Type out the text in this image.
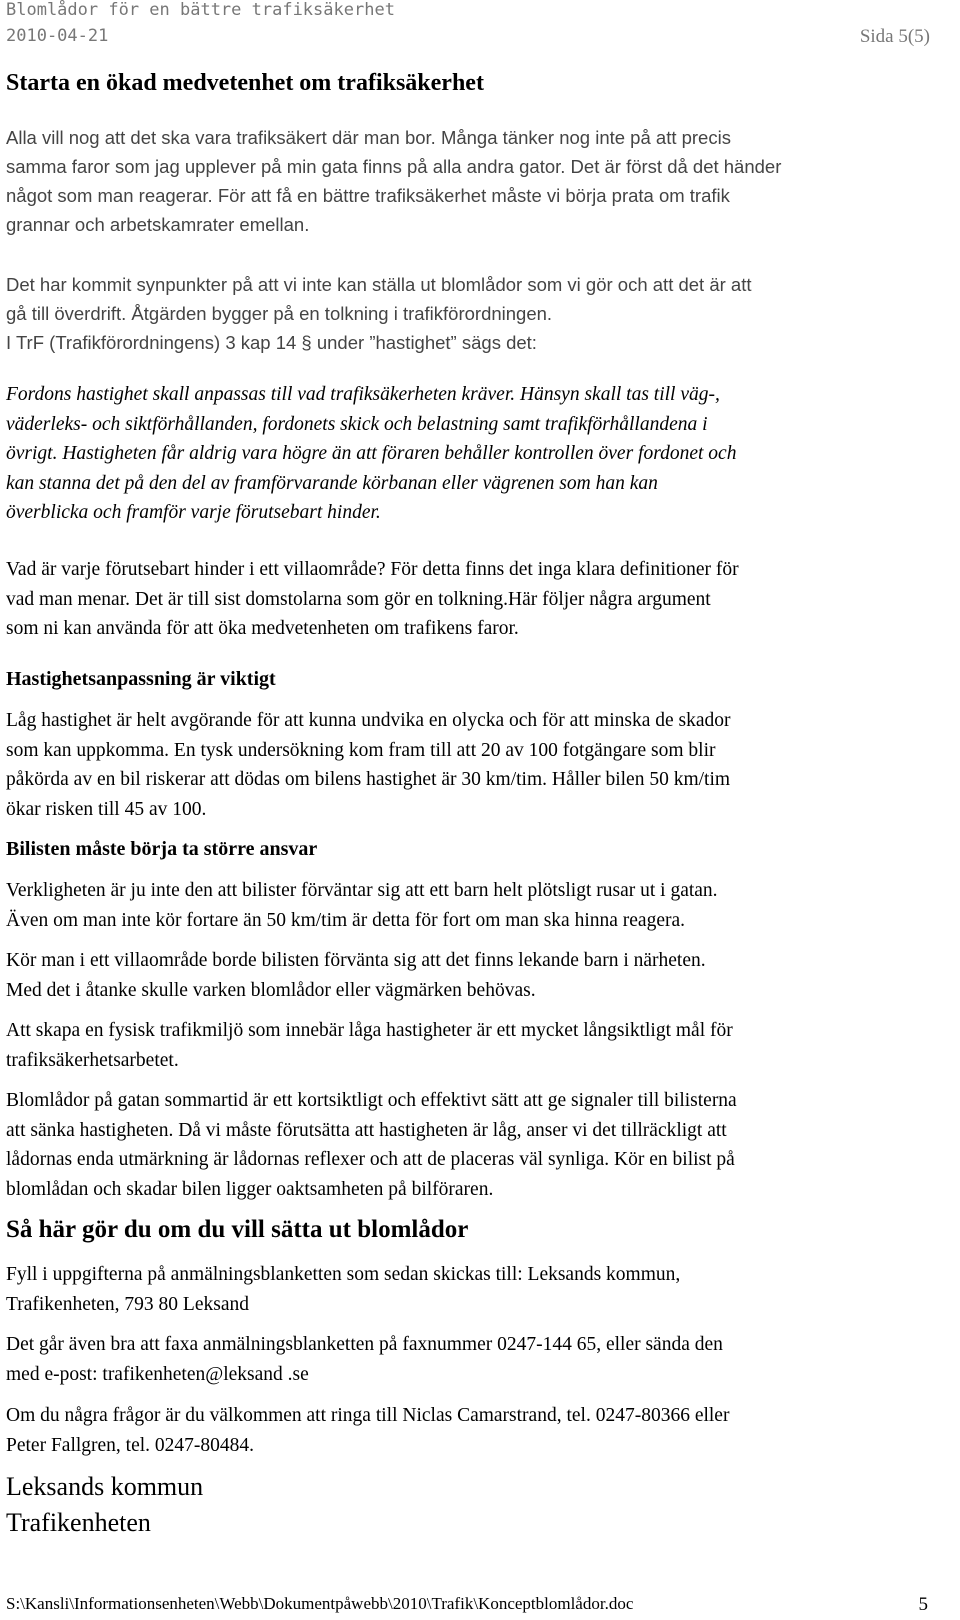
Blomlådor för en bättre trafiksäkerhet
2010-04-21	Sida 5(5)
Starta en ökad medvetenhet om trafiksäkerhet
Alla vill nog att det ska vara trafiksäkert där man bor. Många tänker nog inte på att precis
samma faror som jag upplever på min gata finns på alla andra gator. Det är först då det händer
något som man reagerar. För att få en bättre trafiksäkerhet måste vi börja prata om trafik
grannar och arbetskamrater emellan.
Det har kommit synpunkter på att vi inte kan ställa ut blomlådor som vi gör och att det är att
gå till överdrift. Åtgärden bygger på en tolkning i trafikförordningen.
I TrF (Trafikförordningens) 3 kap 14 § under ”hastighet” sägs det:
Fordons hastighet skall anpassas till vad trafiksäkerheten kräver. Hänsyn skall tas till väg-,
väderleks- och siktförhållanden, fordonets skick och belastning samt trafikförhållandena i
övrigt. Hastigheten får aldrig vara högre än att föraren behåller kontrollen över fordonet och
kan stanna det på den del av framförvarande körbanan eller vägrenen som han kan
överblicka och framför varje förutsebart hinder.
Vad är varje förutsebart hinder i ett villaområde? För detta finns det inga klara definitioner för
vad man menar. Det är till sist domstolarna som gör en tolkning.Här följer några argument
som ni kan använda för att öka medvetenheten om trafikens faror.
Hastighetsanpassning är viktigt
Låg hastighet är helt avgörande för att kunna undvika en olycka och för att minska de skador
som kan uppkomma. En tysk undersökning kom fram till att 20 av 100 fotgängare som blir
påkörda av en bil riskerar att dödas om bilens hastighet är 30 km/tim. Håller bilen 50 km/tim
ökar risken till 45 av 100.
Bilisten måste börja ta större ansvar
Verkligheten är ju inte den att bilister förväntar sig att ett barn helt plötsligt rusar ut i gatan.
Även om man inte kör fortare än 50 km/tim är detta för fort om man ska hinna reagera.
Kör man i ett villaområde borde bilisten förvänta sig att det finns lekande barn i närheten.
Med det i åtanke skulle varken blomlådor eller vägmärken behövas.
Att skapa en fysisk trafikmiljö som innebär låga hastigheter är ett mycket långsiktligt mål för
trafiksäkerhetsarbetet.
Blomlådor på gatan sommartid är ett kortsiktligt och effektivt sätt att ge signaler till bilisterna
att sänka hastigheten. Då vi måste förutsätta att hastigheten är låg, anser vi det tillräckligt att
lådornas enda utmärkning är lådornas reflexer och att de placeras väl synliga. Kör en bilist på
blomlådan och skadar bilen ligger oaktsamheten på bilföraren.
Så här gör du om du vill sätta ut blomlådor
Fyll i uppgifterna på anmälningsblanketten som sedan skickas till: Leksands kommun,
Trafikenheten, 793 80 Leksand
Det går även bra att faxa anmälningsblanketten på faxnummer 0247-144 65, eller sända den
med e-post: trafikenheten@leksand .se
Om du några frågor är du välkommen att ringa till Niclas Camarstrand, tel. 0247-80366 eller
Peter Fallgren, tel. 0247-80484.
Leksands kommun
Trafikenheten
S:\Kansli\Informationsenheten\Webb\Dokumentpåwebb\2010\Trafik\Konceptblomlådor.doc	5
